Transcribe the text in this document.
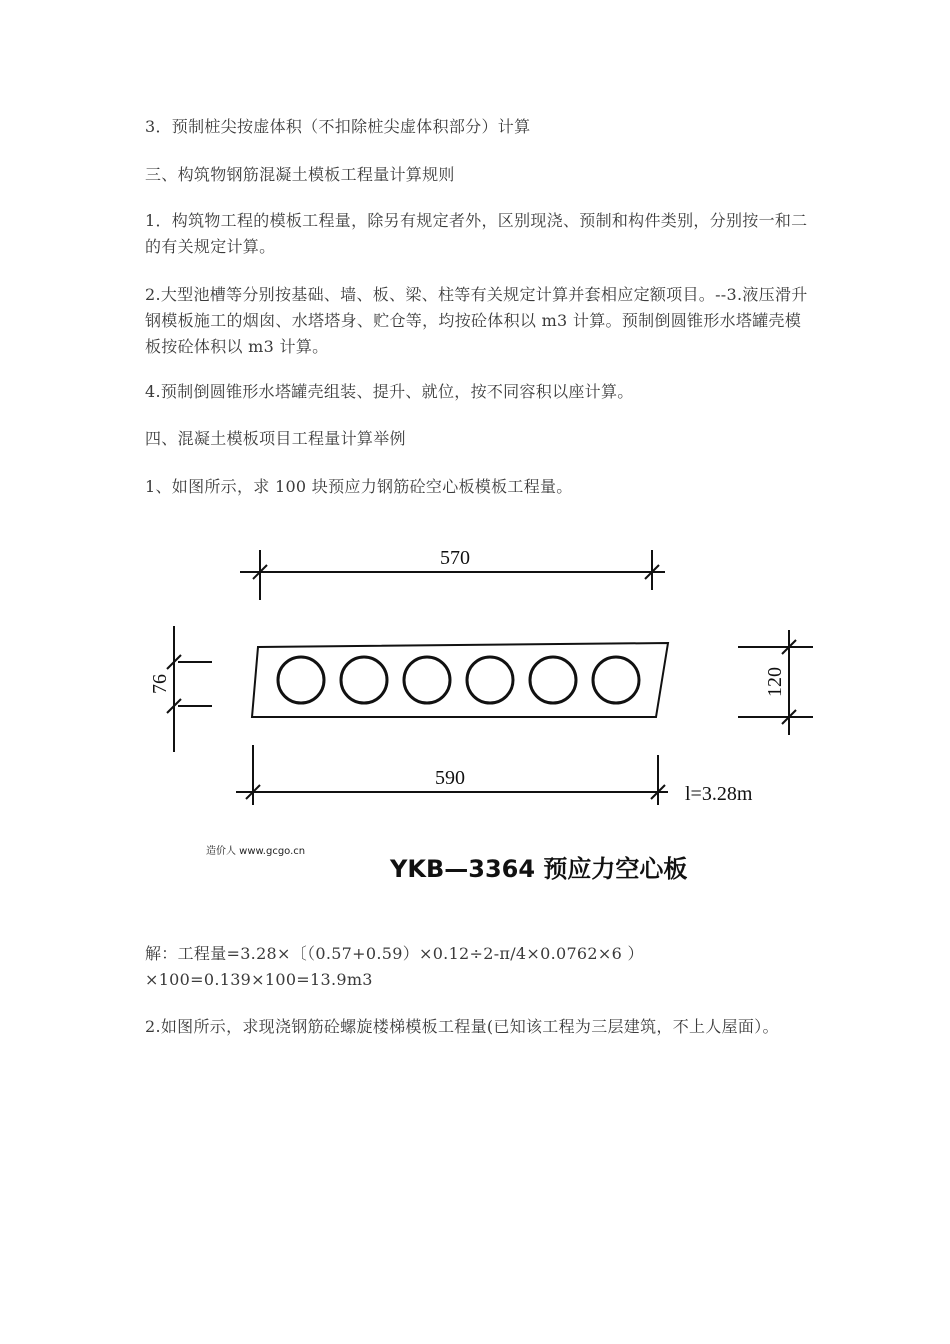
3．预制桩尖按虚体积（不扣除桩尖虚体积部分）计算

三、构筑物钢筋混凝土模板工程量计算规则

1．构筑物工程的模板工程量，除另有规定者外，区别现浇、预制和构件类别，分别按一和二的有关规定计算。

2.大型池槽等分别按基础、墙、板、梁、柱等有关规定计算并套相应定额项目。--3.液压滑升钢模板施工的烟囱、水塔塔身、贮仓等，均按砼体积以 m3 计算。预制倒圆锥形水塔罐壳模板按砼体积以 m3 计算。

4.预制倒圆锥形水塔罐壳组装、提升、就位，按不同容积以座计算。

四、混凝土模板项目工程量计算举例

1、如图所示，求 100 块预应力钢筋砼空心板模板工程量。

570
590
76	120
l=3.28m
造价人 www.gcgo.cn
YKB—3364 预应力空心板

解：工程量=3.28×〔（0.57+0.59）×0.12÷2-π/4×0.0762×6 ）×100=0.139×100=13.9m3

2.如图所示，求现浇钢筋砼螺旋楼梯模板工程量(已知该工程为三层建筑，不上人屋面）。
